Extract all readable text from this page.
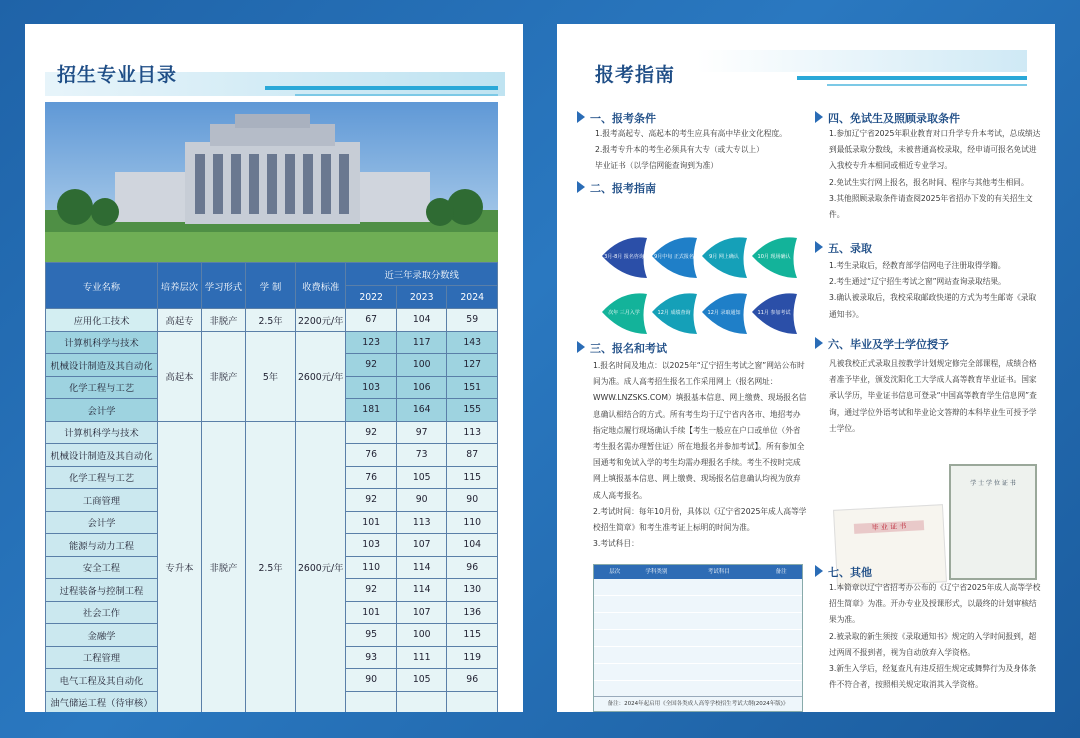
招生专业目录
专业名称	培养层次	学习形式	学 制	收费标准	近三年录取分数线		
					2022	2023	2024
应用化工技术	高起专	非脱产	2.5年	2200元/年	67	104	59
计算机科学与技术	高起本	非脱产	5年	2600元/年	123	117	143
机械设计制造及其自动化					92	100	127
化学工程与工艺					103	106	151
会计学					181	164	155
计算机科学与技术	专升本	非脱产	2.5年	2600元/年	92	97	113
机械设计制造及其自动化					76	73	87
化学工程与工艺					76	105	115
工商管理					92	90	90
会计学					101	113	110
能源与动力工程					103	107	104
安全工程					110	114	96
过程装备与控制工程					92	114	130
社会工作					101	107	136
金融学					95	100	115
工程管理					93	111	119
电气工程及其自动化					90	105	96
油气储运工程（待审核）							
报考指南
一、报考条件
1.报考高起专、高起本的考生应具有高中毕业文化程度。
2.报考专升本的考生必须具有大专（或大专以上）
毕业证书（以学信网能查询到为准）
二、报考指南
3月-8月 报名咨询 9月中旬 正式报名	9月 网上确认	10月 现场确认
次年 三月入学	12月 成绩查询	12月 录取通知	11月 参加考试
三、报名和考试
1.报名时间及地点：以2025年“辽宁招生考试之窗”网站公布时间为准。成人高考招生报名工作采用网上（报名网址：WWW.LNZSKS.COM）填报基本信息、网上缴费、现场报名信息确认相结合的方式。所有考生均于辽宁省内各市、地招考办指定地点履行现场确认手续【考生一般应在户口或单位（外省考生报名需办理暂住证）所在地报名并参加考试】。所有参加全国通考和免试入学的考生均需办理报名手续。考生不按时完成网上填报基本信息、网上缴费、现场报名信息确认均视为放弃成人高考报名。
2.考试时间：每年10月份，具体以《辽宁省2025年成人高等学校招生简章》和考生准考证上标明的时间为准。
3.考试科目：
层次	学科类别	考试科目	备注
备注：2024年起启用《全国各类成人高等学校招生考试大纲(2024年版)》
四、免试生及照顾录取条件
1.参加辽宁省2025年职业教育对口升学专升本考试，总成绩达到最低录取分数线，未被普通高校录取，经申请可报名免试进入我校专升本相同或相近专业学习。
2.免试生实行网上报名，报名时间、程序与其他考生相同。
3.其他照顾录取条件请查阅2025年省招办下发的有关招生文件。
五、录取
1.考生录取后，经教育部学信网电子注册取得学籍。
2.考生通过“辽宁招生考试之窗”网站查询录取结果。
3.确认被录取后，我校采取邮政快递的方式为考生邮寄《录取通知书》。
六、毕业及学士学位授予
凡被我校正式录取且按教学计划规定修完全部课程，成绩合格者准予毕业，颁发沈阳化工大学成人高等教育毕业证书。国家承认学历，毕业证书信息可登录“中国高等教育学生信息网”查询，通过学位外语考试和毕业论文答辩的本科毕业生可授予学士学位。
毕 业 证 书
学 士 学 位 证 书
七、其他
1.本简章以辽宁省招考办公布的《辽宁省2025年成人高等学校招生简章》为准。开办专业及授课形式，以最终的计划审核结果为准。
2.被录取的新生须按《录取通知书》规定的入学时间报到，超过两周不报到者，视为自动放弃入学资格。
3.新生入学后，经复查凡有违反招生规定或舞弊行为及身体条件不符合者，按照相关规定取消其入学资格。
